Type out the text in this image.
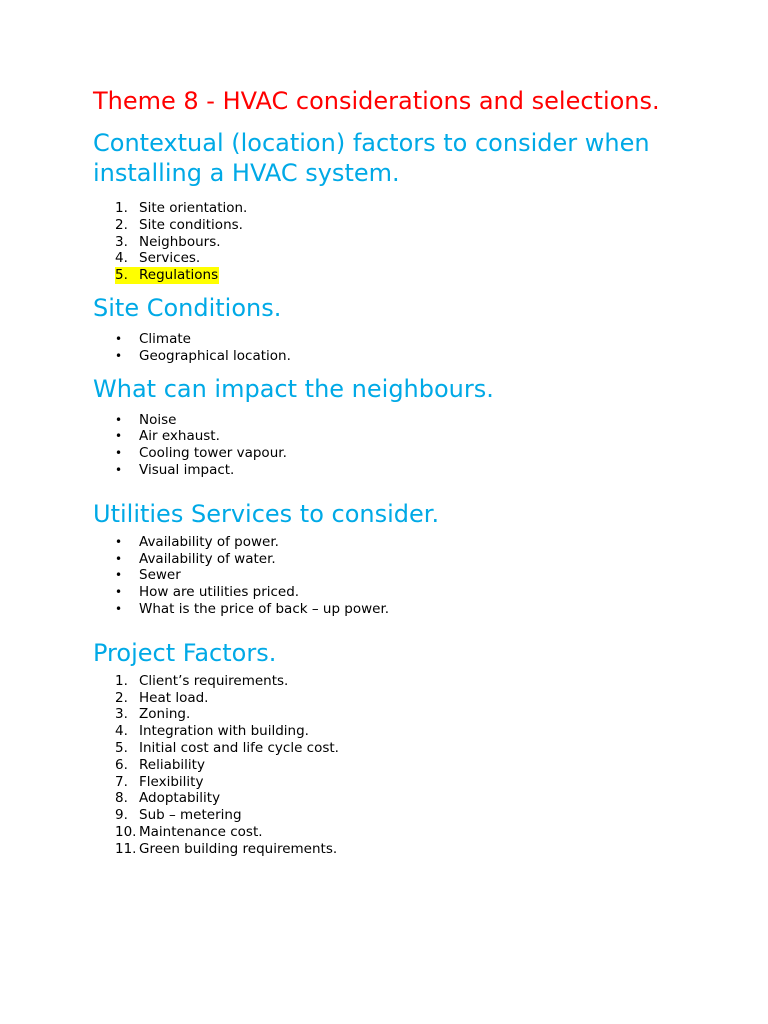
Theme 8 - HVAC considerations and selections.
Contextual (location) factors to consider when installing a HVAC system.
1. Site orientation.
2. Site conditions.
3. Neighbours.
4. Services.

5. Regulations
Site Conditions.
• Climate
• Geographical location.
What can impact the neighbours.
• Noise
• Air exhaust.
• Cooling tower vapour.
• Visual impact.
Utilities Services to consider.
• Availability of power.
• Availability of water.
• Sewer
• How are utilities priced.
• What is the price of back – up power.
Project Factors.
1. Client’s requirements.
2. Heat load.
3. Zoning.
4. Integration with building.
5. Initial cost and life cycle cost.
6. Reliability
7. Flexibility
8. Adoptability
9. Sub – metering
10. Maintenance cost.
11. Green building requirements.
